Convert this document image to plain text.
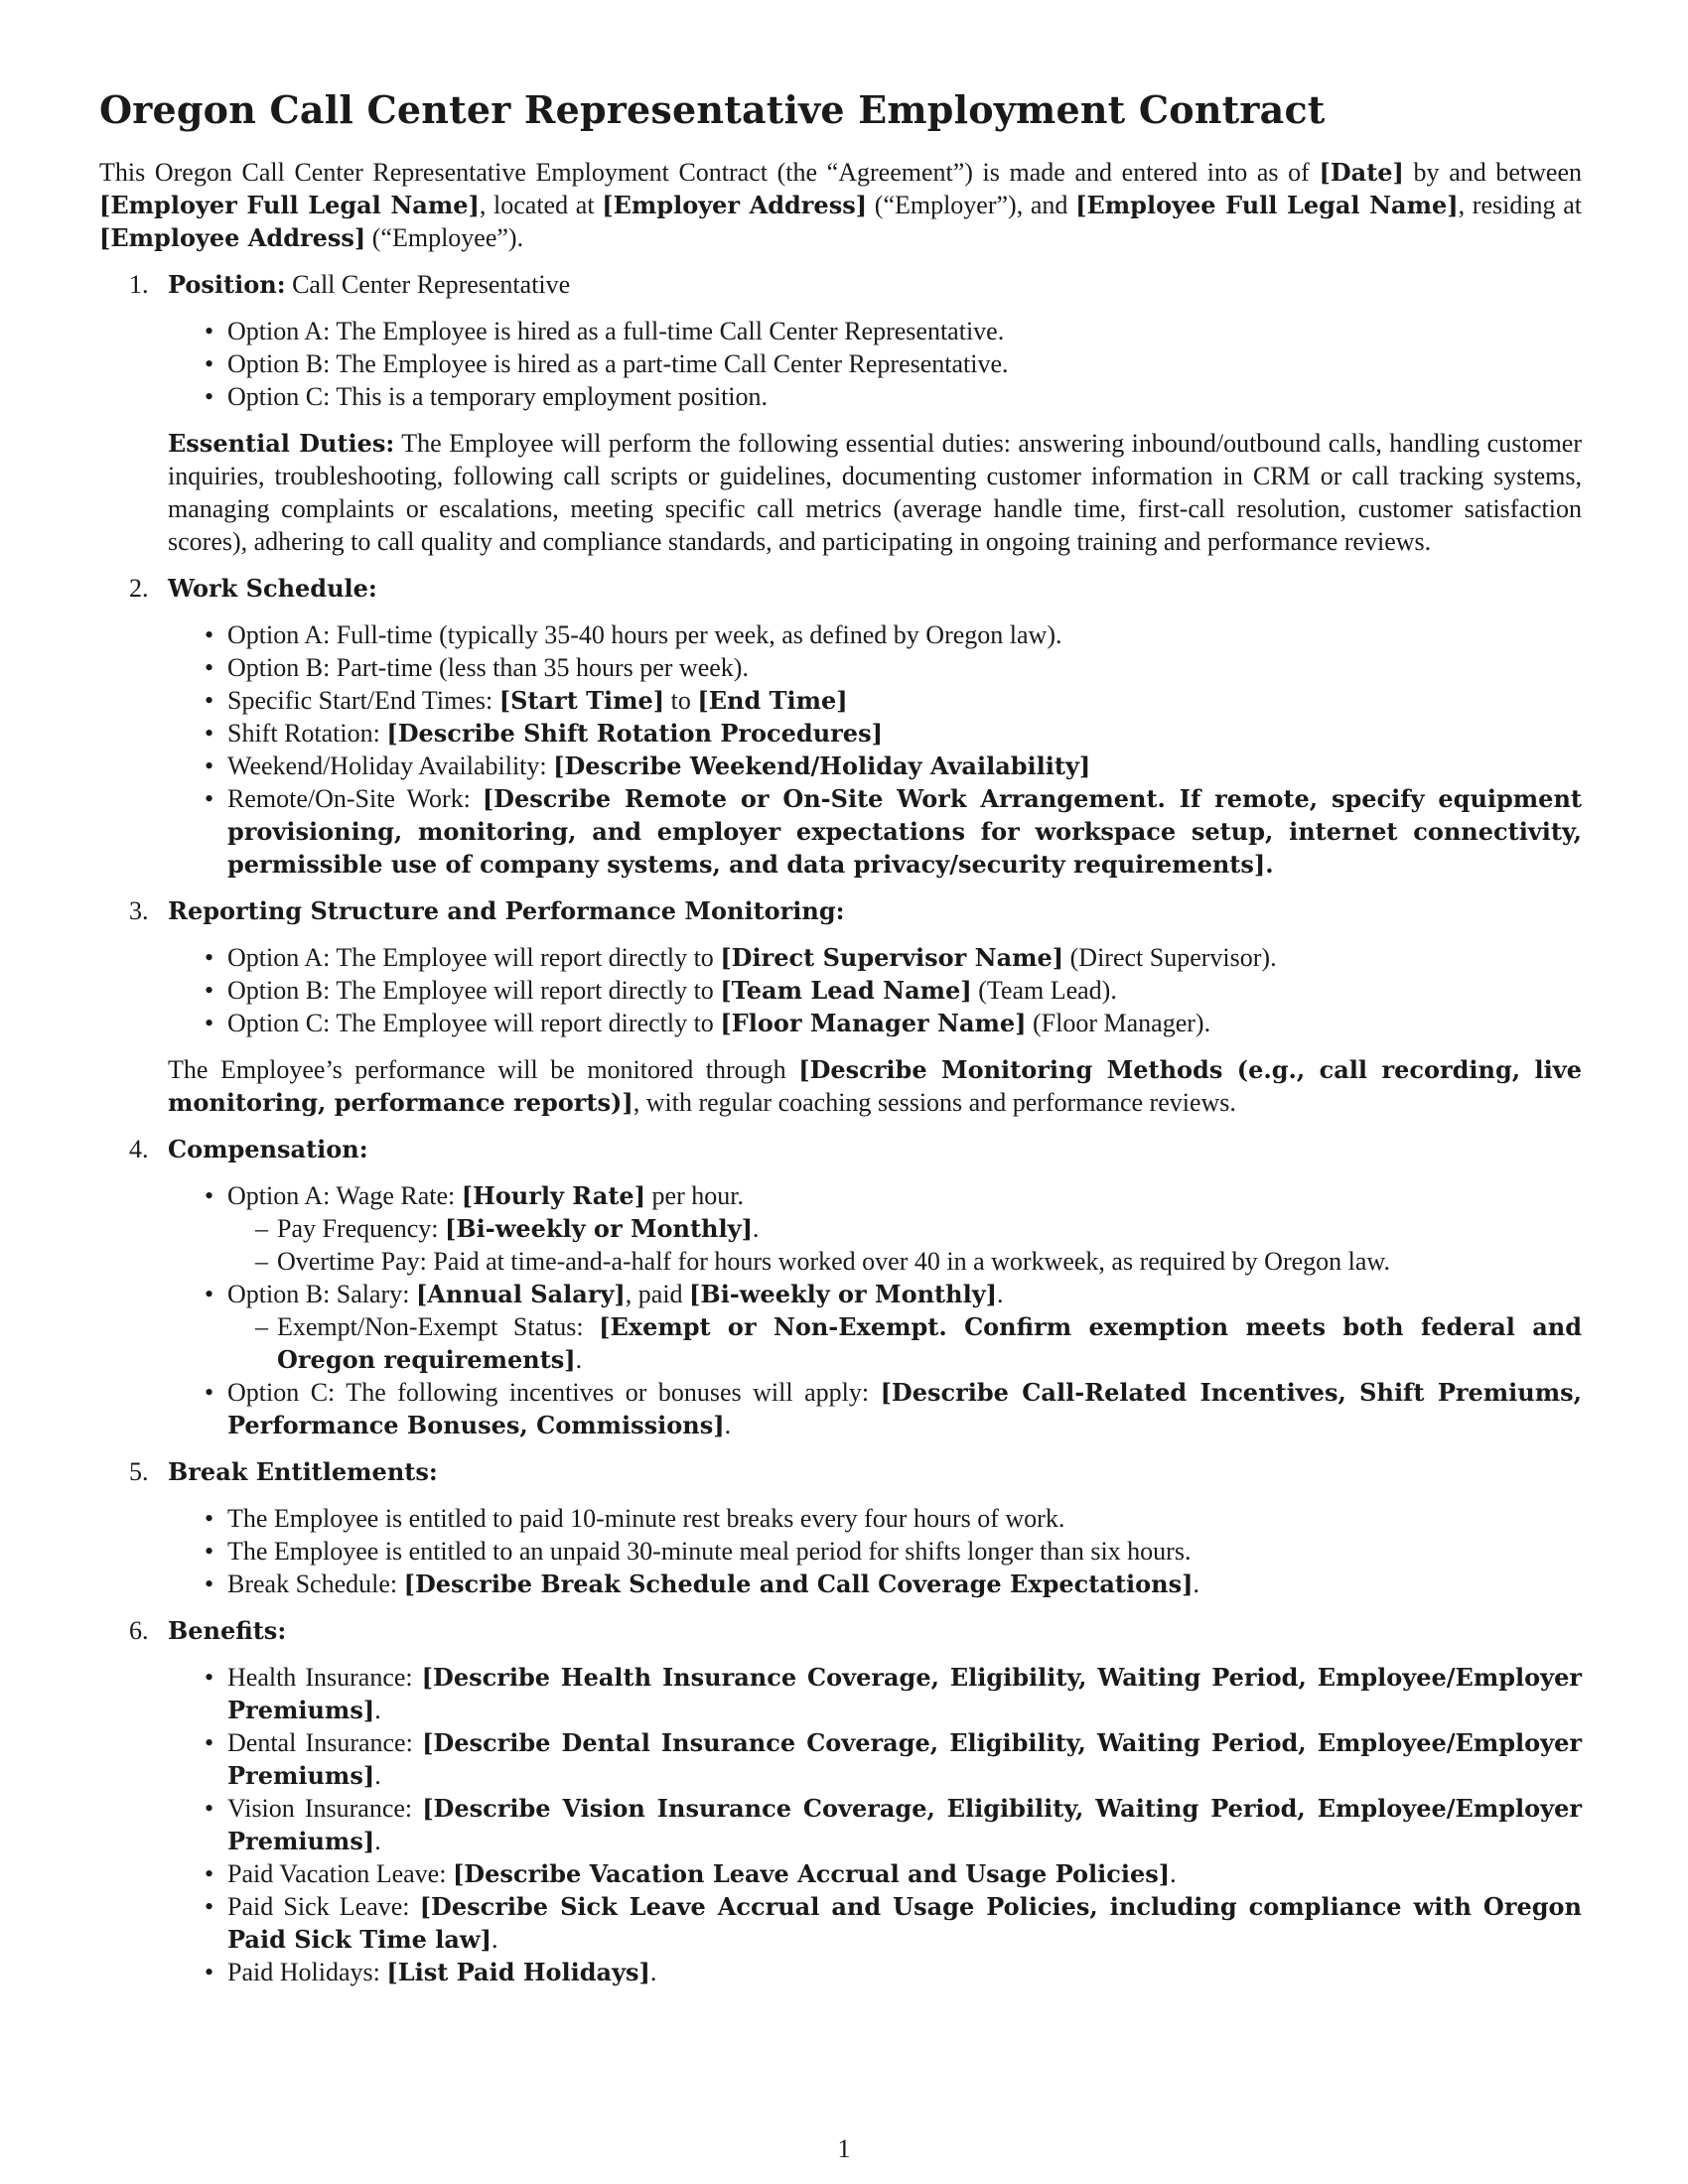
Oregon Call Center Representative Employment Contract

This Oregon Call Center Representative Employment Contract (the “Agreement”) is made and entered into as of [Date] by and between [Employer Full Legal Name], located at [Employer Address] (“Employer”), and [Employee Full Legal Name], residing at [Employee Address] (“Employee”).

1. Position: Call Center Representative

• Option A: The Employee is hired as a full-time Call Center Representative.
• Option B: The Employee is hired as a part-time Call Center Representative.
• Option C: This is a temporary employment position.

Essential Duties: The Employee will perform the following essential duties: answering inbound/outbound calls, handling customer inquiries, troubleshooting, following call scripts or guidelines, documenting customer information in CRM or call tracking systems, managing complaints or escalations, meeting specific call metrics (average handle time, first-call resolution, customer satisfaction scores), adhering to call quality and compliance standards, and participating in ongoing training and performance reviews.

2. Work Schedule:

• Option A: Full-time (typically 35-40 hours per week, as defined by Oregon law).
• Option B: Part-time (less than 35 hours per week).
• Specific Start/End Times: [Start Time] to [End Time]
• Shift Rotation: [Describe Shift Rotation Procedures]
• Weekend/Holiday Availability: [Describe Weekend/Holiday Availability]
• Remote/On-Site Work: [Describe Remote or On-Site Work Arrangement. If remote, specify equipment provisioning, monitoring, and employer expectations for workspace setup, internet connectivity, permissible use of company systems, and data privacy/security requirements].
3. Reporting Structure and Performance Monitoring:

• Option A: The Employee will report directly to [Direct Supervisor Name] (Direct Supervisor).
• Option B: The Employee will report directly to [Team Lead Name] (Team Lead).
• Option C: The Employee will report directly to [Floor Manager Name] (Floor Manager).

The Employee’s performance will be monitored through [Describe Monitoring Methods (e.g., call recording, live monitoring, performance reports)], with regular coaching sessions and performance reviews.

4. Compensation:

• Option A: Wage Rate: [Hourly Rate] per hour.
– Pay Frequency: [Bi-weekly or Monthly].
– Overtime Pay: Paid at time-and-a-half for hours worked over 40 in a workweek, as required by Oregon law.
• Option B: Salary: [Annual Salary], paid [Bi-weekly or Monthly].
– Exempt/Non-Exempt Status: [Exempt or Non-Exempt. Confirm exemption meets both federal and Oregon requirements].
• Option C: The following incentives or bonuses will apply: [Describe Call-Related Incentives, Shift Premiums, Performance Bonuses, Commissions].
5. Break Entitlements:

• The Employee is entitled to paid 10-minute rest breaks every four hours of work.
• The Employee is entitled to an unpaid 30-minute meal period for shifts longer than six hours.
• Break Schedule: [Describe Break Schedule and Call Coverage Expectations].
6. Benefits:

• Health Insurance: [Describe Health Insurance Coverage, Eligibility, Waiting Period, Employee/Employer Premiums].
• Dental Insurance: [Describe Dental Insurance Coverage, Eligibility, Waiting Period, Employee/Employer Premiums].
• Vision Insurance: [Describe Vision Insurance Coverage, Eligibility, Waiting Period, Employee/Employer Premiums].
• Paid Vacation Leave: [Describe Vacation Leave Accrual and Usage Policies].
• Paid Sick Leave: [Describe Sick Leave Accrual and Usage Policies, including compliance with Oregon Paid Sick Time law].
• Paid Holidays: [List Paid Holidays].
1
